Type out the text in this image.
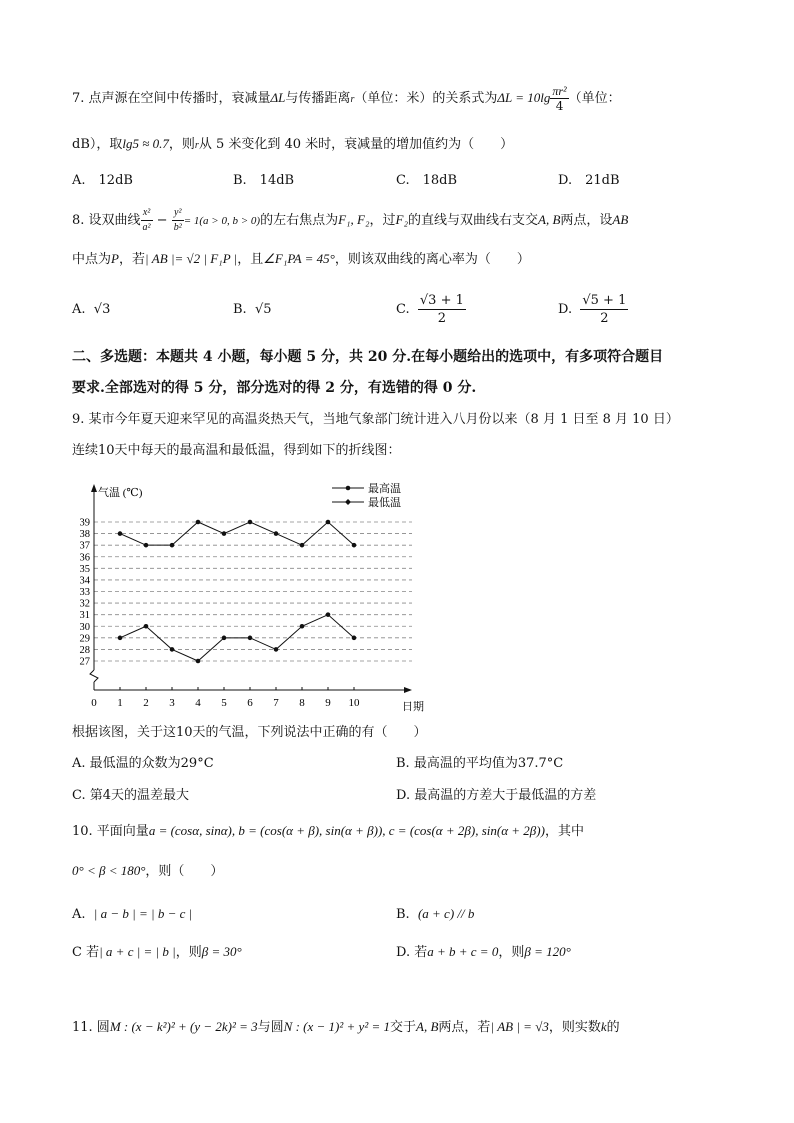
7. 点声源在空间中传播时，衰减量ΔL与传播距离r（单位：米）的关系式为$\Delta L = 10\lg \frac{\text{πr²}}{4}$ （单位：
dB），取lg5 ≈ 0.7，则r从 5 米变化到 40 米时，衰减量的增加值约为（　　）
A.　12dB	B.　14dB	C.　18dB	D.　21dB
8. 设双曲线 $\frac{\text{x²}}{\text{a²}} - \frac{\text{y²}}{\text{b²}} = 1(a > 0$, b > 0)的左右焦点为F₁, F₂，过F₂的直线与双曲线右支交A, B两点，设AB
中点为P，若| AB |= √2 | F₁P |，且∠F₁PA = 45°，则该双曲线的离心率为（　　）
A. √3	B. √5	C. $\frac{√3 + 1}{2}$	D. $\frac{√5 + 1}{2}$
二、多选题：本题共 4 小题，每小题 5 分，共 20 分.在每小题给出的选项中，有多项符合题目
要求.全部选对的得 5 分，部分选对的得 2 分，有选错的得 0 分.
9. 某市今年夏天迎来罕见的高温炎热天气，当地气象部门统计进入八月份以来（8 月 1 日至 8 月 10 日）
连续10天中每天的最高温和最低温，得到如下的折线图：
27
28
29
30
31
32
33
34
35
36
37
38
39
气温 (℃)
0 1 2 3 4 5 6 7 8 9 10	日期
最高温
最低温
根据该图，关于这10天的气温，下列说法中正确的有（　　）
A. 最低温的众数为29°C	B. 最高温的平均值为37.7°C
C. 第4天的温差最大	D. 最高温的方差大于最低温的方差
10. 平面向量a = (cosα, sinα), b = (cos(α + β), sin(α + β)), c = (cos(α + 2β), sin(α + 2β))，其中
0° < β < 180°，则（　　）
A. | a − b | = | b − c |	B. (a + c) // b
C 若| a + c | = | b |，则β = 30°	D. 若a + b + c = 0，则β = 120°
11. 圆M : (x − k²)² + (y − 2k)² = 3与圆N : (x − 1)² + y² = 1交于A, B两点，若| AB | = √3，则实数k的
